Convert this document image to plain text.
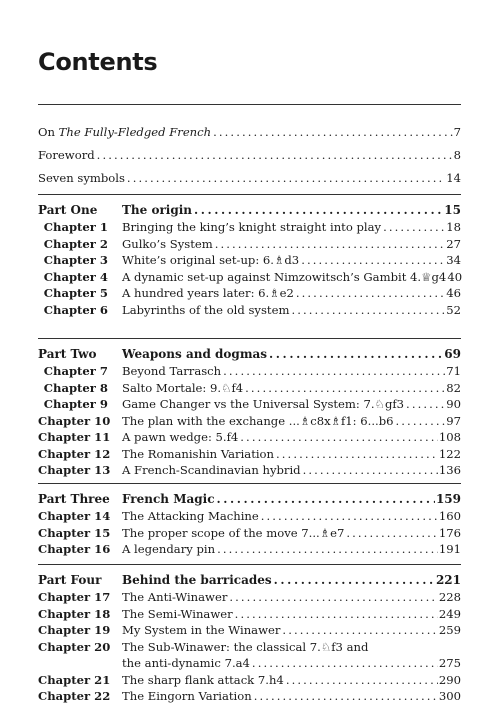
Contents
On The Fully-Fledged French . . .	7
Foreword . . .	8
Seven symbols . . .	14
Part One	The origin . . .	15
Chapter 1	Bringing the king’s knight straight into play . . .	18
Chapter 2	Gulko’s System . . .	27
Chapter 3	White’s original set-up: 6.♗d3 . . .	34
Chapter 4	A dynamic set-up against Nimzowitsch’s Gambit 4.♕g4 40
Chapter 5	A hundred years later: 6.♗e2 . . .	46
Chapter 6	Labyrinths of the old system . . .	52
Part Two	Weapons and dogmas . . .	69
Chapter 7	Beyond Tarrasch . . .	71
Chapter 8	Salto Mortale: 9.♘f4 . . .	82
Chapter 9	Game Changer vs the Universal System: 7.♘gf3 . . .	90
Chapter 10	The plan with the exchange ...♗c8x♗f1: 6...b6 . . .	97
Chapter 11	A pawn wedge: 5.f4 . . .	108
Chapter 12	The Romanishin Variation . . .	122
Chapter 13	A French-Scandinavian hybrid . . .	136
Part Three	French Magic . . .	159
Chapter 14	The Attacking Machine . . .	160
Chapter 15	The proper scope of the move 7...♗e7 . . .	176
Chapter 16	A legendary pin . . .	191
Part Four	Behind the barricades . . .	221
Chapter 17	The Anti-Winawer . . .	228
Chapter 18	The Semi-Winawer . . .	249
Chapter 19	My System in the Winawer . . .	259
Chapter 20	The Sub-Winawer: the classical 7.♘f3 and
the anti-dynamic 7.a4 . . .	275
Chapter 21	The sharp flank attack 7.h4 . . .	290
Chapter 22	The Eingorn Variation . . .	300
